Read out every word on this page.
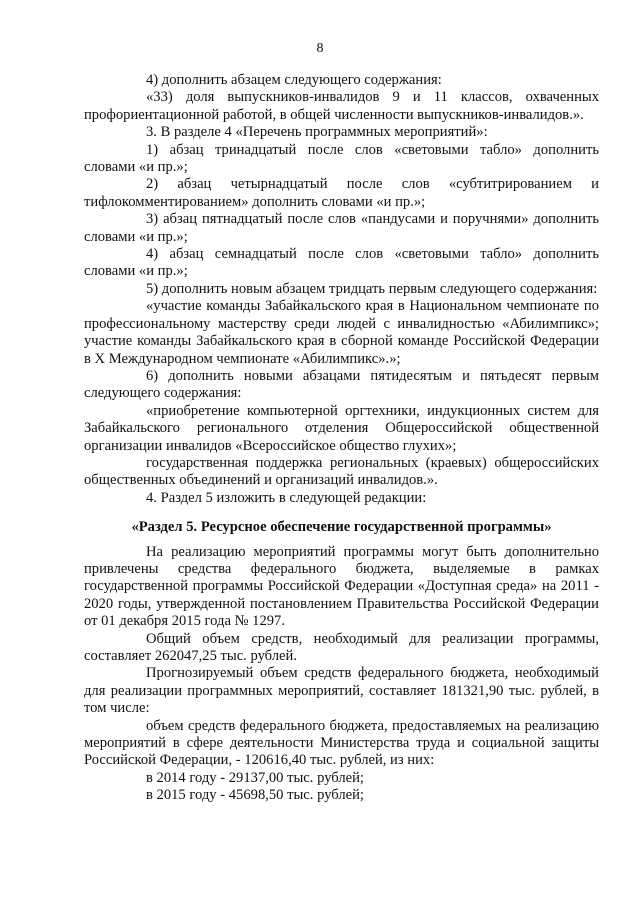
8

4) дополнить абзацем следующего содержания:

«33) доля выпускников-инвалидов 9 и 11 классов, охваченных профориентационной работой, в общей численности выпускников-инвалидов.».

3. В разделе 4 «Перечень программных мероприятий»:

1) абзац тринадцатый после слов «световыми табло» дополнить словами «и пр.»;

2) абзац четырнадцатый после слов «субтитрированием и тифлокомментированием» дополнить словами «и пр.»;

3) абзац пятнадцатый после слов «пандусами и поручнями» дополнить словами «и пр.»;

4) абзац семнадцатый после слов «световыми табло» дополнить словами «и пр.»;

5) дополнить новым абзацем тридцать первым следующего содержания:

«участие команды Забайкальского края в Национальном чемпионате по профессиональному мастерству среди людей с инвалидностью «Абилимпикс»; участие команды Забайкальского края в сборной команде Российской Федерации в X Международном чемпионате «Абилимпикс».»;

6) дополнить новыми абзацами пятидесятым и пятьдесят первым следующего содержания:

«приобретение компьютерной оргтехники, индукционных систем для Забайкальского регионального отделения Общероссийской общественной организации инвалидов «Всероссийское общество глухих»;

государственная поддержка региональных (краевых) общероссийских общественных объединений и организаций инвалидов.».

4. Раздел 5 изложить в следующей редакции:

«Раздел 5. Ресурсное обеспечение государственной программы»

На реализацию мероприятий программы могут быть дополнительно привлечены средства федерального бюджета, выделяемые в рамках государственной программы Российской Федерации «Доступная среда» на 2011 - 2020 годы, утвержденной постановлением Правительства Российской Федерации от 01 декабря 2015 года № 1297.

Общий объем средств, необходимый для реализации программы, составляет 262047,25 тыс. рублей.

Прогнозируемый объем средств федерального бюджета, необходимый для реализации программных мероприятий, составляет 181321,90 тыс. рублей, в том числе:

объем средств федерального бюджета, предоставляемых на реализацию мероприятий в сфере деятельности Министерства труда и социальной защиты Российской Федерации, - 120616,40 тыс. рублей, из них:

в 2014 году - 29137,00 тыс. рублей;

в 2015 году - 45698,50 тыс. рублей;
